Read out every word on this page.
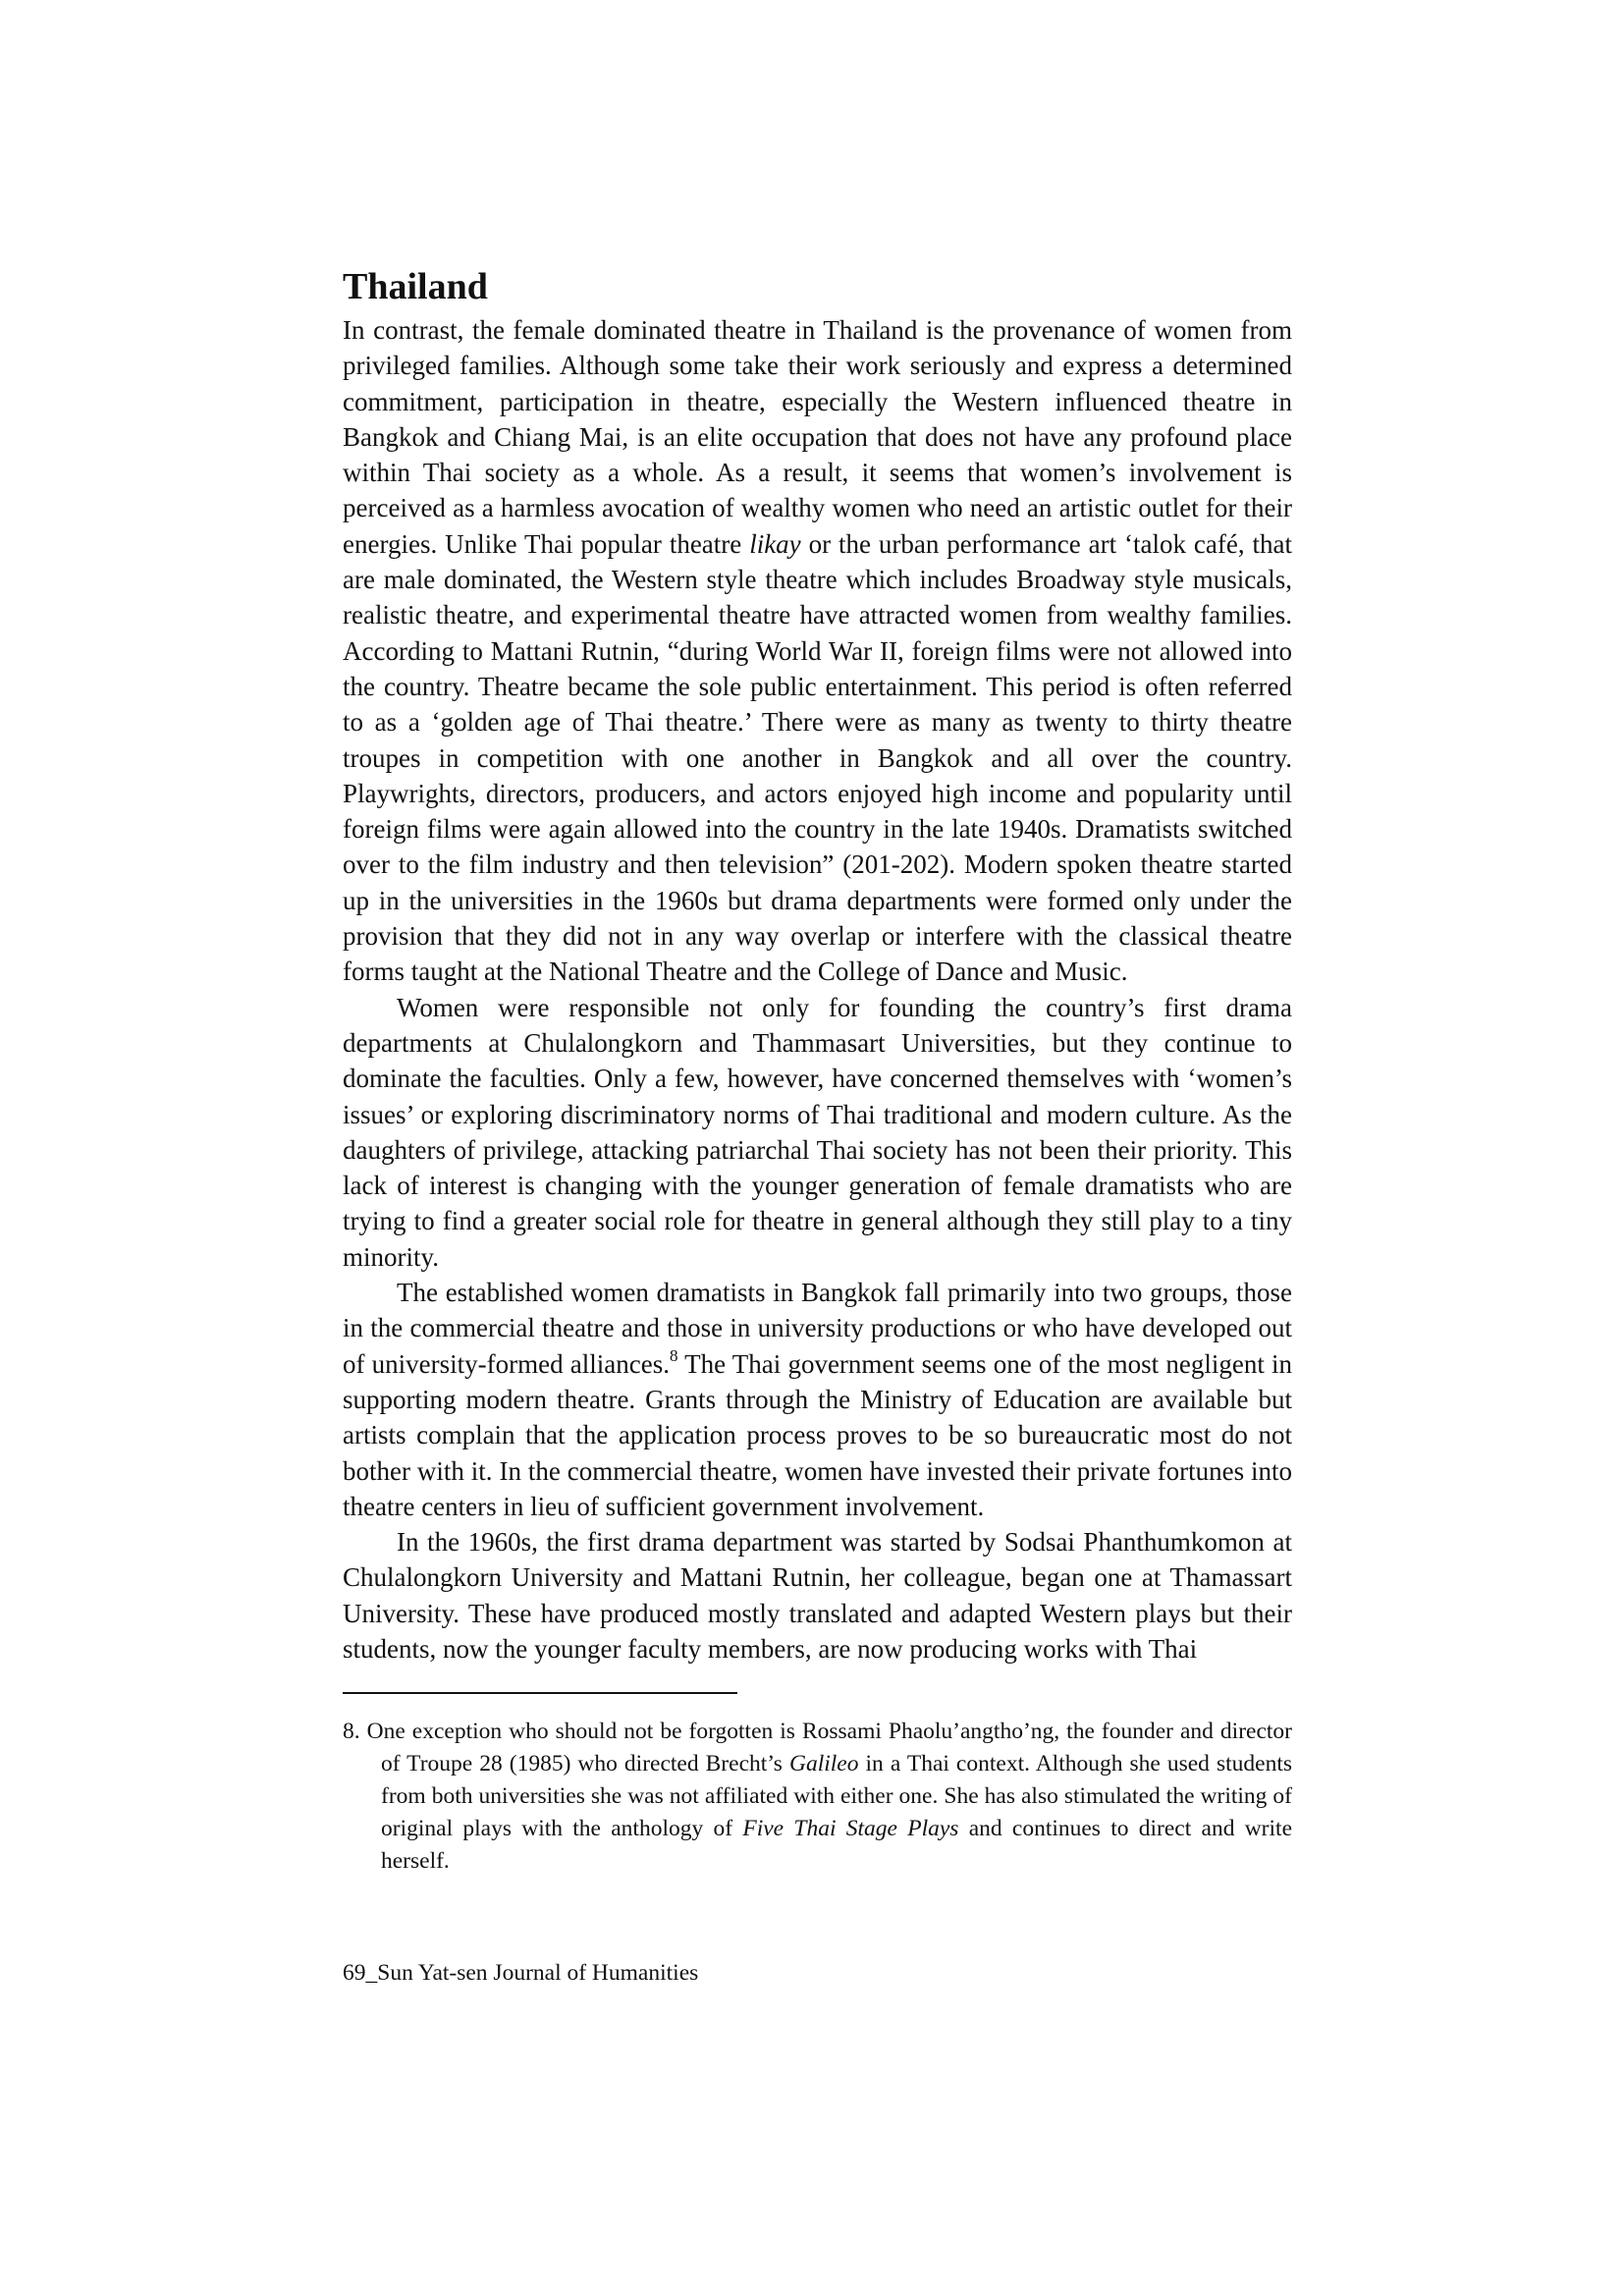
Thailand

In contrast, the female dominated theatre in Thailand is the provenance of women from privileged families. Although some take their work seriously and express a determined commitment, participation in theatre, especially the Western influenced theatre in Bangkok and Chiang Mai, is an elite occupation that does not have any profound place within Thai society as a whole. As a result, it seems that women’s involvement is perceived as a harmless avocation of wealthy women who need an artistic outlet for their energies. Unlike Thai popular theatre likay or the urban performance art ‘talok café, that are male dominated, the Western style theatre which includes Broadway style musicals, realistic theatre, and experimental theatre have attracted women from wealthy families. According to Mattani Rutnin, “during World War II, foreign films were not allowed into the country. Theatre became the sole public entertainment. This period is often referred to as a ‘golden age of Thai theatre.’ There were as many as twenty to thirty theatre troupes in competition with one another in Bangkok and all over the country. Playwrights, directors, producers, and actors enjoyed high income and popularity until foreign films were again allowed into the country in the late 1940s. Dramatists switched over to the film industry and then television” (201-202). Modern spoken theatre started up in the universities in the 1960s but drama departments were formed only under the provision that they did not in any way overlap or interfere with the classical theatre forms taught at the National Theatre and the College of Dance and Music.

Women were responsible not only for founding the country’s first drama departments at Chulalongkorn and Thammasart Universities, but they continue to dominate the faculties. Only a few, however, have concerned themselves with ‘women’s issues’ or exploring discriminatory norms of Thai traditional and modern culture. As the daughters of privilege, attacking patriarchal Thai society has not been their priority. This lack of interest is changing with the younger generation of female dramatists who are trying to find a greater social role for theatre in general although they still play to a tiny minority.

The established women dramatists in Bangkok fall primarily into two groups, those in the commercial theatre and those in university productions or who have developed out of university-formed alliances.$^8$ The Thai government seems one of the most negligent in supporting modern theatre. Grants through the Ministry of Education are available but artists complain that the application process proves to be so bureaucratic most do not bother with it. In the commercial theatre, women have invested their private fortunes into theatre centers in lieu of sufficient government involvement.

In the 1960s, the first drama department was started by Sodsai Phanthumkomon at Chulalongkorn University and Mattani Rutnin, her colleague, began one at Thamassart University. These have produced mostly translated and adapted Western plays but their students, now the younger faculty members, are now producing works with Thai

8. One exception who should not be forgotten is Rossami Phaolu’angtho’ng, the founder and director of Troupe 28 (1985) who directed Brecht’s Galileo in a Thai context. Although she used students from both universities she was not affiliated with either one. She has also stimulated the writing of original plays with the anthology of Five Thai Stage Plays and continues to direct and write herself.

69_Sun Yat-sen Journal of Humanities
